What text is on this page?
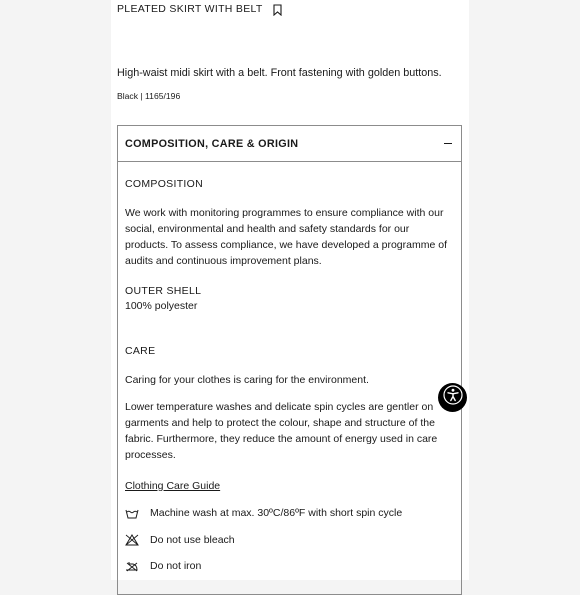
PLEATED SKIRT WITH BELT
High-waist midi skirt with a belt. Front fastening with golden buttons.
Black | 1165/196
COMPOSITION, CARE & ORIGIN
COMPOSITION
We work with monitoring programmes to ensure compliance with our social, environmental and health and safety standards for our products. To assess compliance, we have developed a programme of audits and continuous improvement plans.
OUTER SHELL
100% polyester
CARE
Caring for your clothes is caring for the environment.
Lower temperature washes and delicate spin cycles are gentler on garments and help to protect the colour, shape and structure of the fabric. Furthermore, they reduce the amount of energy used in care processes.
Clothing Care Guide
Machine wash at max. 30ºC/86ºF with short spin cycle
Do not use bleach
Do not iron
